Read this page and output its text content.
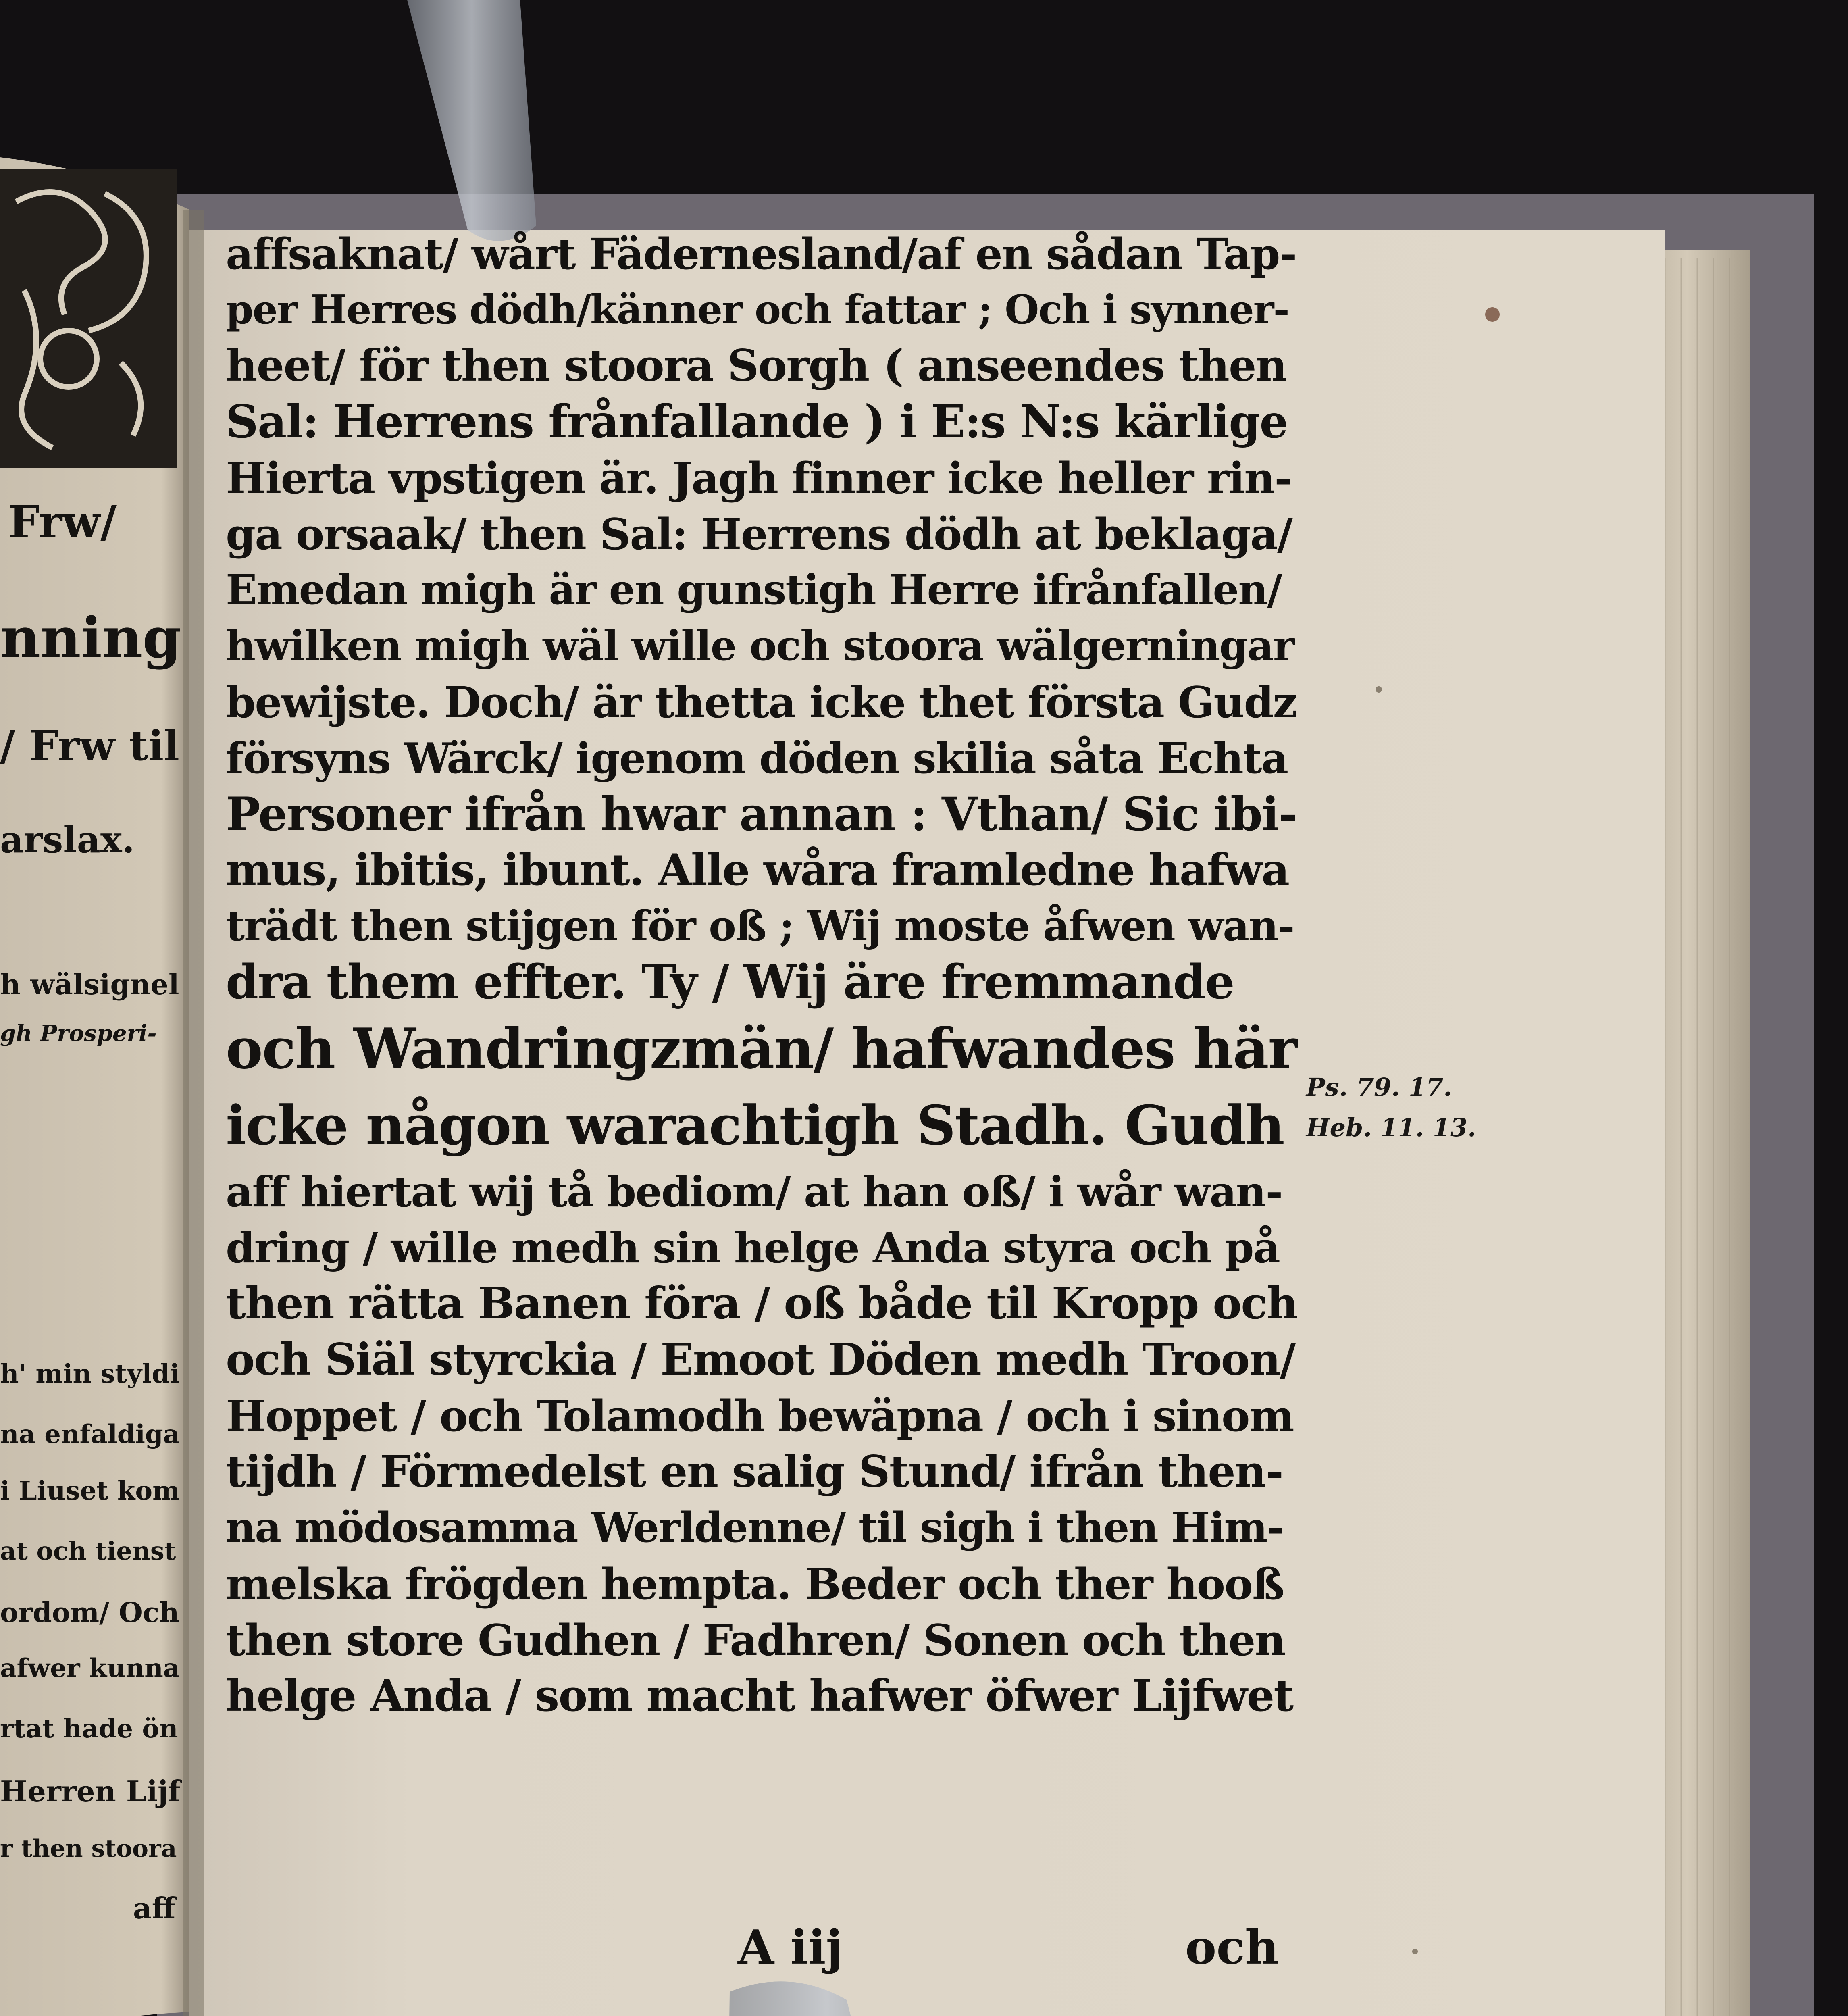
Frw/
nning
/ Frw til
arslax.
h wälsignel
gh Prosperi-
h' min styldi
na enfaldiga
i Liuset kom
at och tienst
ordom/ Och
afwer kunna
rtat hade ön
Herren Lijf
r then stoora
aff
affsaknat/ wårt Fädernesland/af en sådan Tap-
per Herres dödh/känner och fattar ; Och i synner-
heet/ för then stoora Sorgh ( anseendes then
Sal: Herrens frånfallande ) i E:s N:s kärlige
Hierta vpstigen är. Jagh finner icke heller rin-
ga orsaak/ then Sal: Herrens dödh at beklaga/
Emedan migh är en gunstigh Herre ifrånfallen/
hwilken migh wäl wille och stoora wälgerningar
bewijste. Doch/ är thetta icke thet första Gudz
försyns Wärck/ igenom döden skilia såta Echta
Personer ifrån hwar annan : Vthan/ Sic ibi-
mus, ibitis, ibunt. Alle wåra framledne hafwa
trädt then stijgen för oß ; Wij moste åfwen wan-
dra them effter. Ty / Wij äre fremmande
och Wandringzmän/ hafwandes här
icke någon warachtigh Stadh. Gudh
aff hiertat wij tå bediom/ at han oß/ i wår wan-
dring / wille medh sin helge Anda styra och på
then rätta Banen föra / oß både til Kropp och
och Siäl styrckia / Emoot Döden medh Troon/
Hoppet / och Tolamodh bewäpna / och i sinom
tijdh / Förmedelst en salig Stund/ ifrån then-
na mödosamma Werldenne/ til sigh i then Him-
melska frögden hempta. Beder och ther hooß
then store Gudhen / Fadhren/ Sonen och then
helge Anda / som macht hafwer öfwer Lijfwet
A iij	och
Ps. 79. 17.
Heb. 11. 13.
